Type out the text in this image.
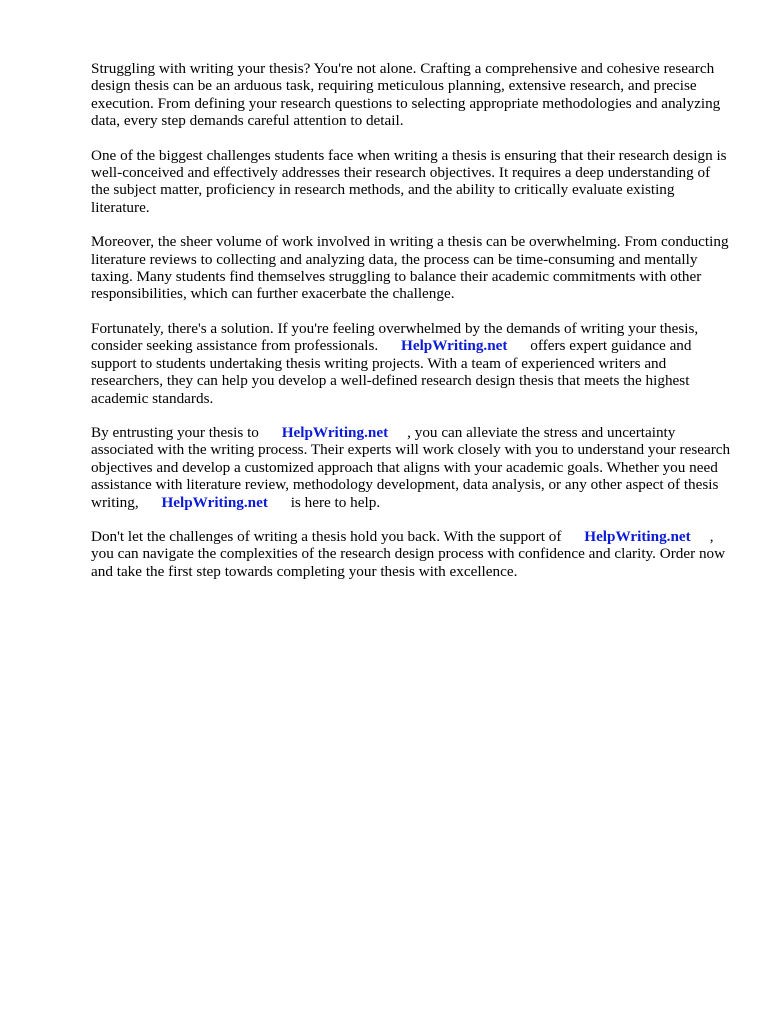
Struggling with writing your thesis? You're not alone. Crafting a comprehensive and cohesive research design thesis can be an arduous task, requiring meticulous planning, extensive research, and precise execution. From defining your research questions to selecting appropriate methodologies and analyzing data, every step demands careful attention to detail.

One of the biggest challenges students face when writing a thesis is ensuring that their research design is well-conceived and effectively addresses their research objectives. It requires a deep understanding of the subject matter, proficiency in research methods, and the ability to critically evaluate existing literature.

Moreover, the sheer volume of work involved in writing a thesis can be overwhelming. From conducting literature reviews to collecting and analyzing data, the process can be time-consuming and mentally taxing. Many students find themselves struggling to balance their academic commitments with other responsibilities, which can further exacerbate the challenge.

Fortunately, there's a solution. If you're feeling overwhelmed by the demands of writing your thesis, consider seeking assistance from professionals. HelpWriting.net offers expert guidance and support to students undertaking thesis writing projects. With a team of experienced writers and researchers, they can help you develop a well-defined research design thesis that meets the highest academic standards.

By entrusting your thesis to HelpWriting.net , you can alleviate the stress and uncertainty associated with the writing process. Their experts will work closely with you to understand your research objectives and develop a customized approach that aligns with your academic goals. Whether you need assistance with literature review, methodology development, data analysis, or any other aspect of thesis writing, HelpWriting.net is here to help.

Don't let the challenges of writing a thesis hold you back. With the support of HelpWriting.net , you can navigate the complexities of the research design process with confidence and clarity. Order now and take the first step towards completing your thesis with excellence.
